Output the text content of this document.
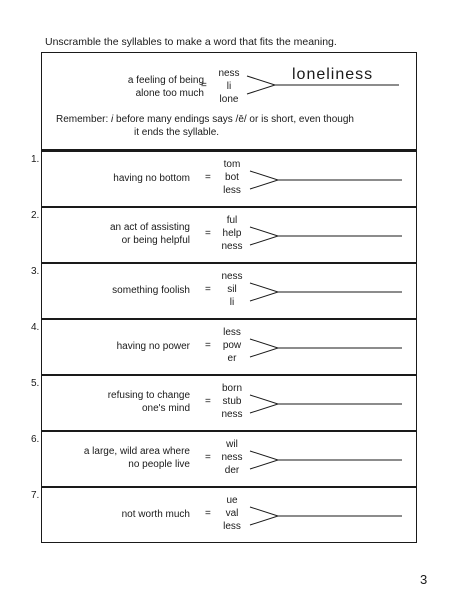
Unscramble the syllables to make a word that fits the meaning.
a feeling of being
alone too much
=
ness
li
lone
loneliness
Remember: i before many endings says /ē/ or is short, even though
it ends the syllable.
1.
having no bottom =
tom
bot
less
2.
an act of assisting
or being helpful
=
ful
help
ness
3.
something foolish =
ness
sil
li
4.
having no power =
less
pow
er
5.
refusing to change
one's mind
=
born
stub
ness
6.
a large, wild area where
no people live
=
wil
ness
der
7.
not worth much =
ue
val
less
3
